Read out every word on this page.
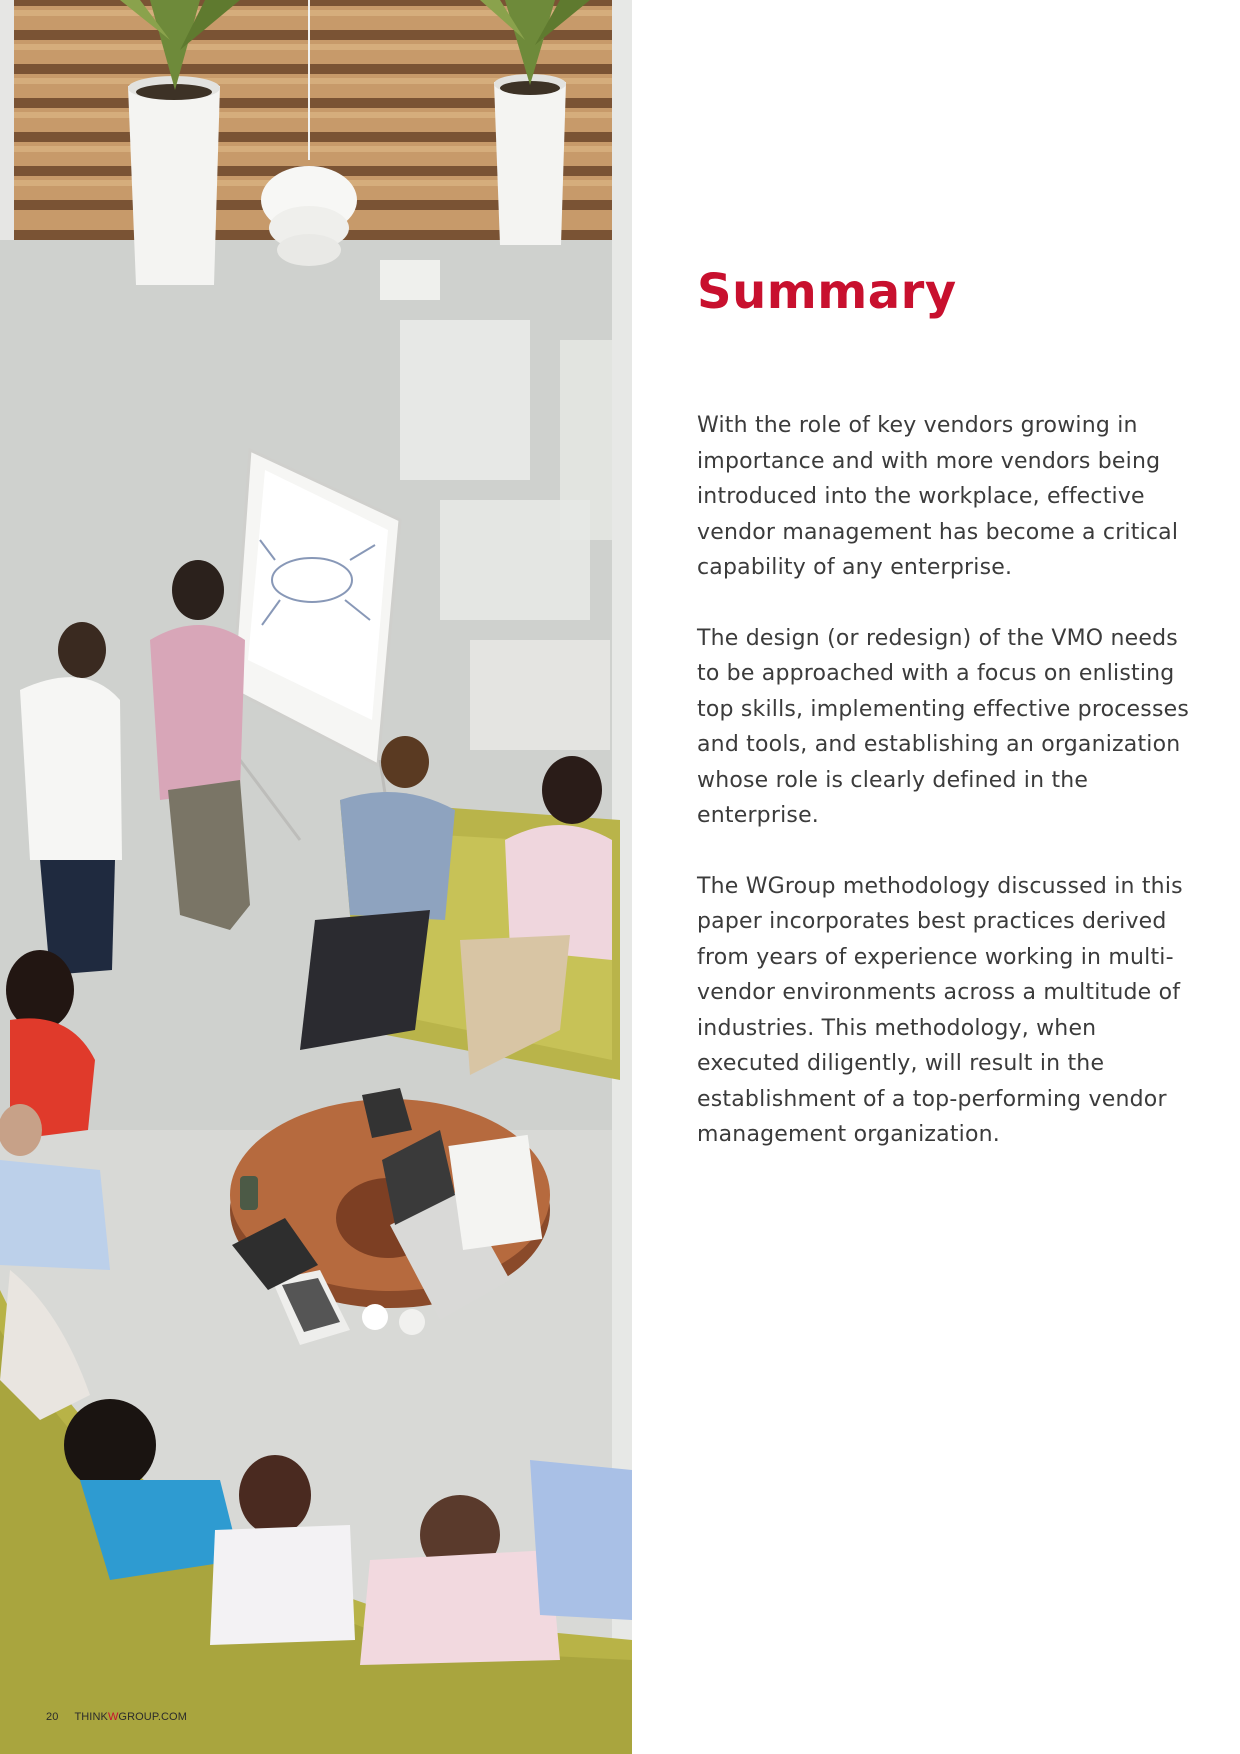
Summary

With the role of key vendors growing in importance and with more vendors being introduced into the workplace, effective vendor management has become a critical capability of any enterprise.

The design (or redesign) of the VMO needs to be approached with a focus on enlisting top skills, implementing effective processes and tools, and establishing an organization whose role is clearly defined in the enterprise.

The WGroup methodology discussed in this paper incorporates best practices derived from years of experience working in multi-vendor environments across a multitude of industries. This methodology, when executed diligently, will result in the establishment of a top-performing vendor management organization.

20 THINKWGROUP.COM
